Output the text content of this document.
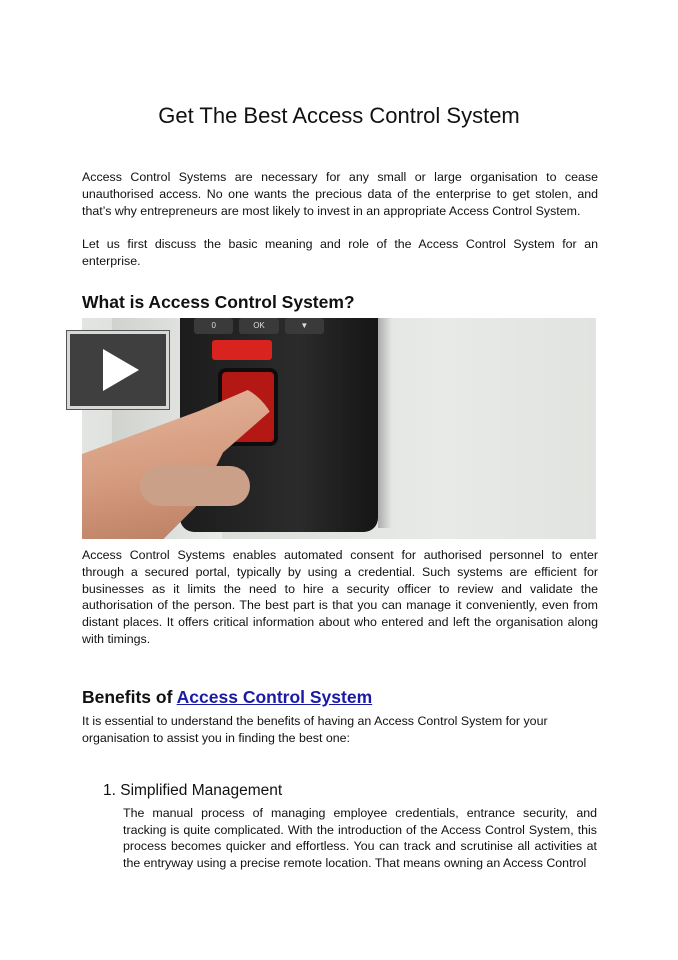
Get The Best Access Control System

Access Control Systems are necessary for any small or large organisation to cease unauthorised access. No one wants the precious data of the enterprise to get stolen, and that’s why entrepreneurs are most likely to invest in an appropriate Access Control System.

Let us first discuss the basic meaning and role of the Access Control System for an enterprise.

What is Access Control System?
0	OK	▼

Access Control Systems enables automated consent for authorised personnel to enter through a secured portal, typically by using a credential. Such systems are efficient for businesses as it limits the need to hire a security officer to review and validate the authorisation of the person. The best part is that you can manage it conveniently, even from distant places. It offers critical information about who entered and left the organisation along with timings.

Benefits of Access Control System

It is essential to understand the benefits of having an Access Control System for your organisation to assist you in finding the best one:

1. Simplified Management

The manual process of managing employee credentials, entrance security, and tracking is quite complicated. With the introduction of the Access Control System, this process becomes quicker and effortless. You can track and scrutinise all activities at the entryway using a precise remote location. That means owning an Access Control
